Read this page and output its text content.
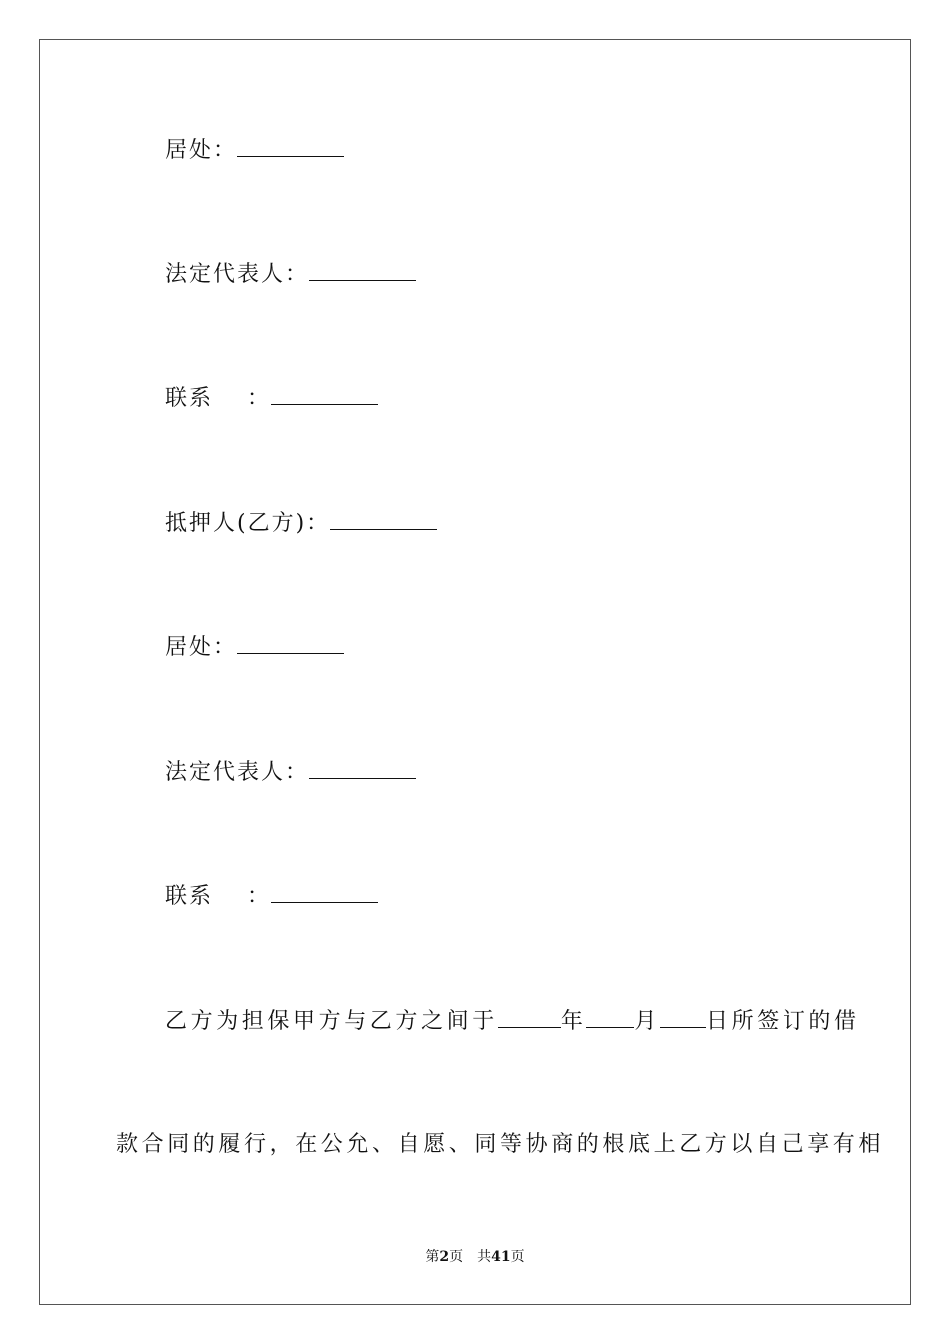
居处：
法定代表人：
联系 ：
抵押人(乙方)：
居处：
法定代表人：
联系 ：
乙方为担保甲方与乙方之间于	年 月 日所签订的借
款合同的履行，在公允、自愿、同等协商的根底上乙方以自己享有相
第2页 共41页
